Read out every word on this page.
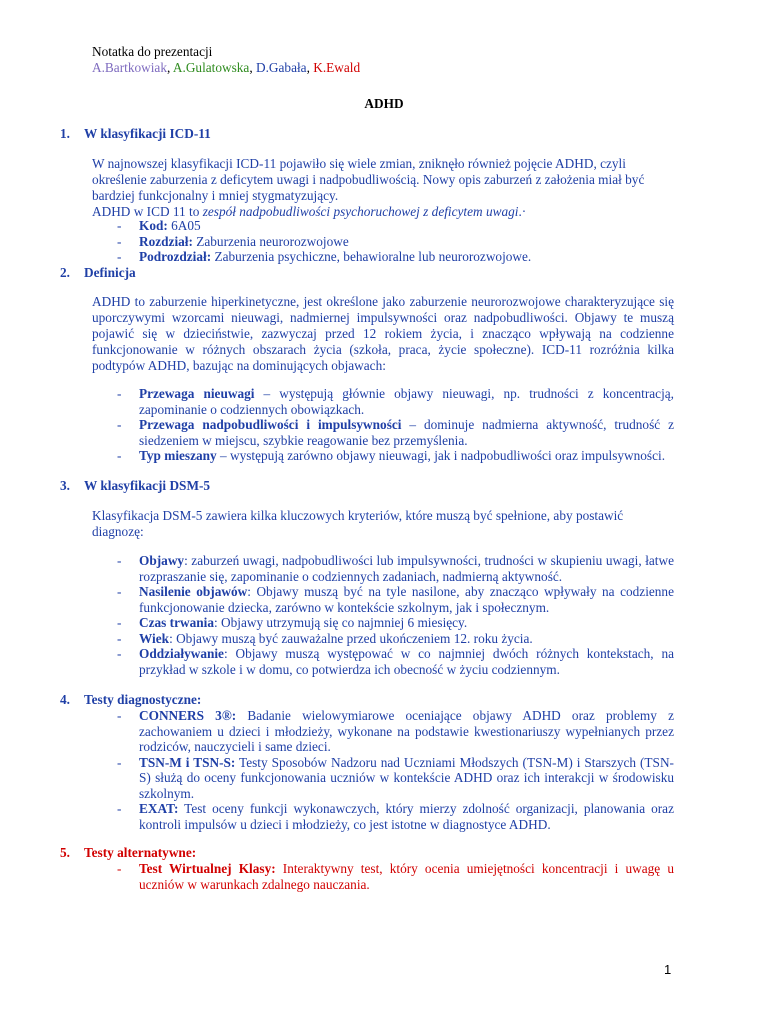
Notatka do prezentacji
A.Bartkowiak, A.Gulatowska, D.Gabała, K.Ewald
ADHD
1. W klasyfikacji ICD-11
W najnowszej klasyfikacji ICD-11 pojawiło się wiele zmian, zniknęło również pojęcie ADHD, czyli określenie zaburzenia z deficytem uwagi i nadpobudliwością. Nowy opis zaburzeń z założenia miał być bardziej funkcjonalny i mniej stygmatyzujący.
ADHD w ICD 11 to zespół nadpobudliwości psychoruchowej z deficytem uwagi.·
- Kod: 6A05
- Rozdział: Zaburzenia neurorozwojowe
- Podrozdział: Zaburzenia psychiczne, behawioralne lub neurorozwojowe.
2. Definicja
ADHD to zaburzenie hiperkinetyczne, jest określone jako zaburzenie neurorozwojowe charakteryzujące się uporczywymi wzorcami nieuwagi, nadmiernej impulsywności oraz nadpobudliwości. Objawy te muszą pojawić się w dzieciństwie, zazwyczaj przed 12 rokiem życia, i znacząco wpływają na codzienne funkcjonowanie w różnych obszarach życia (szkoła, praca, życie społeczne). ICD-11 rozróżnia kilka podtypów ADHD, bazując na dominujących objawach:
- Przewaga nieuwagi – występują głównie objawy nieuwagi, np. trudności z koncentracją, zapominanie o codziennych obowiązkach.
- Przewaga nadpobudliwości i impulsywności – dominuje nadmierna aktywność, trudność z siedzeniem w miejscu, szybkie reagowanie bez przemyślenia.
- Typ mieszany – występują zarówno objawy nieuwagi, jak i nadpobudliwości oraz impulsywności.
3. W klasyfikacji DSM-5
Klasyfikacja DSM-5 zawiera kilka kluczowych kryteriów, które muszą być spełnione, aby postawić diagnozę:
- Objawy: zaburzeń uwagi, nadpobudliwości lub impulsywności, trudności w skupieniu uwagi, łatwe rozpraszanie się, zapominanie o codziennych zadaniach, nadmierną aktywność.
- Nasilenie objawów: Objawy muszą być na tyle nasilone, aby znacząco wpływały na codzienne funkcjonowanie dziecka, zarówno w kontekście szkolnym, jak i społecznym.
- Czas trwania: Objawy utrzymują się co najmniej 6 miesięcy.
- Wiek: Objawy muszą być zauważalne przed ukończeniem 12. roku życia.
- Oddziaływanie: Objawy muszą występować w co najmniej dwóch różnych kontekstach, na przykład w szkole i w domu, co potwierdza ich obecność w życiu codziennym.
4. Testy diagnostyczne:
- CONNERS 3®: Badanie wielowymiarowe oceniające objawy ADHD oraz problemy z zachowaniem u dzieci i młodzieży, wykonane na podstawie kwestionariuszy wypełnianych przez rodziców, nauczycieli i same dzieci.
- TSN-M i TSN-S: Testy Sposobów Nadzoru nad Uczniami Młodszych (TSN-M) i Starszych (TSN-S) służą do oceny funkcjonowania uczniów w kontekście ADHD oraz ich interakcji w środowisku szkolnym.
- EXAT: Test oceny funkcji wykonawczych, który mierzy zdolność organizacji, planowania oraz kontroli impulsów u dzieci i młodzieży, co jest istotne w diagnostyce ADHD.
5. Testy alternatywne:
- Test Wirtualnej Klasy: Interaktywny test, który ocenia umiejętności koncentracji i uwagę u uczniów w warunkach zdalnego nauczania.
1
